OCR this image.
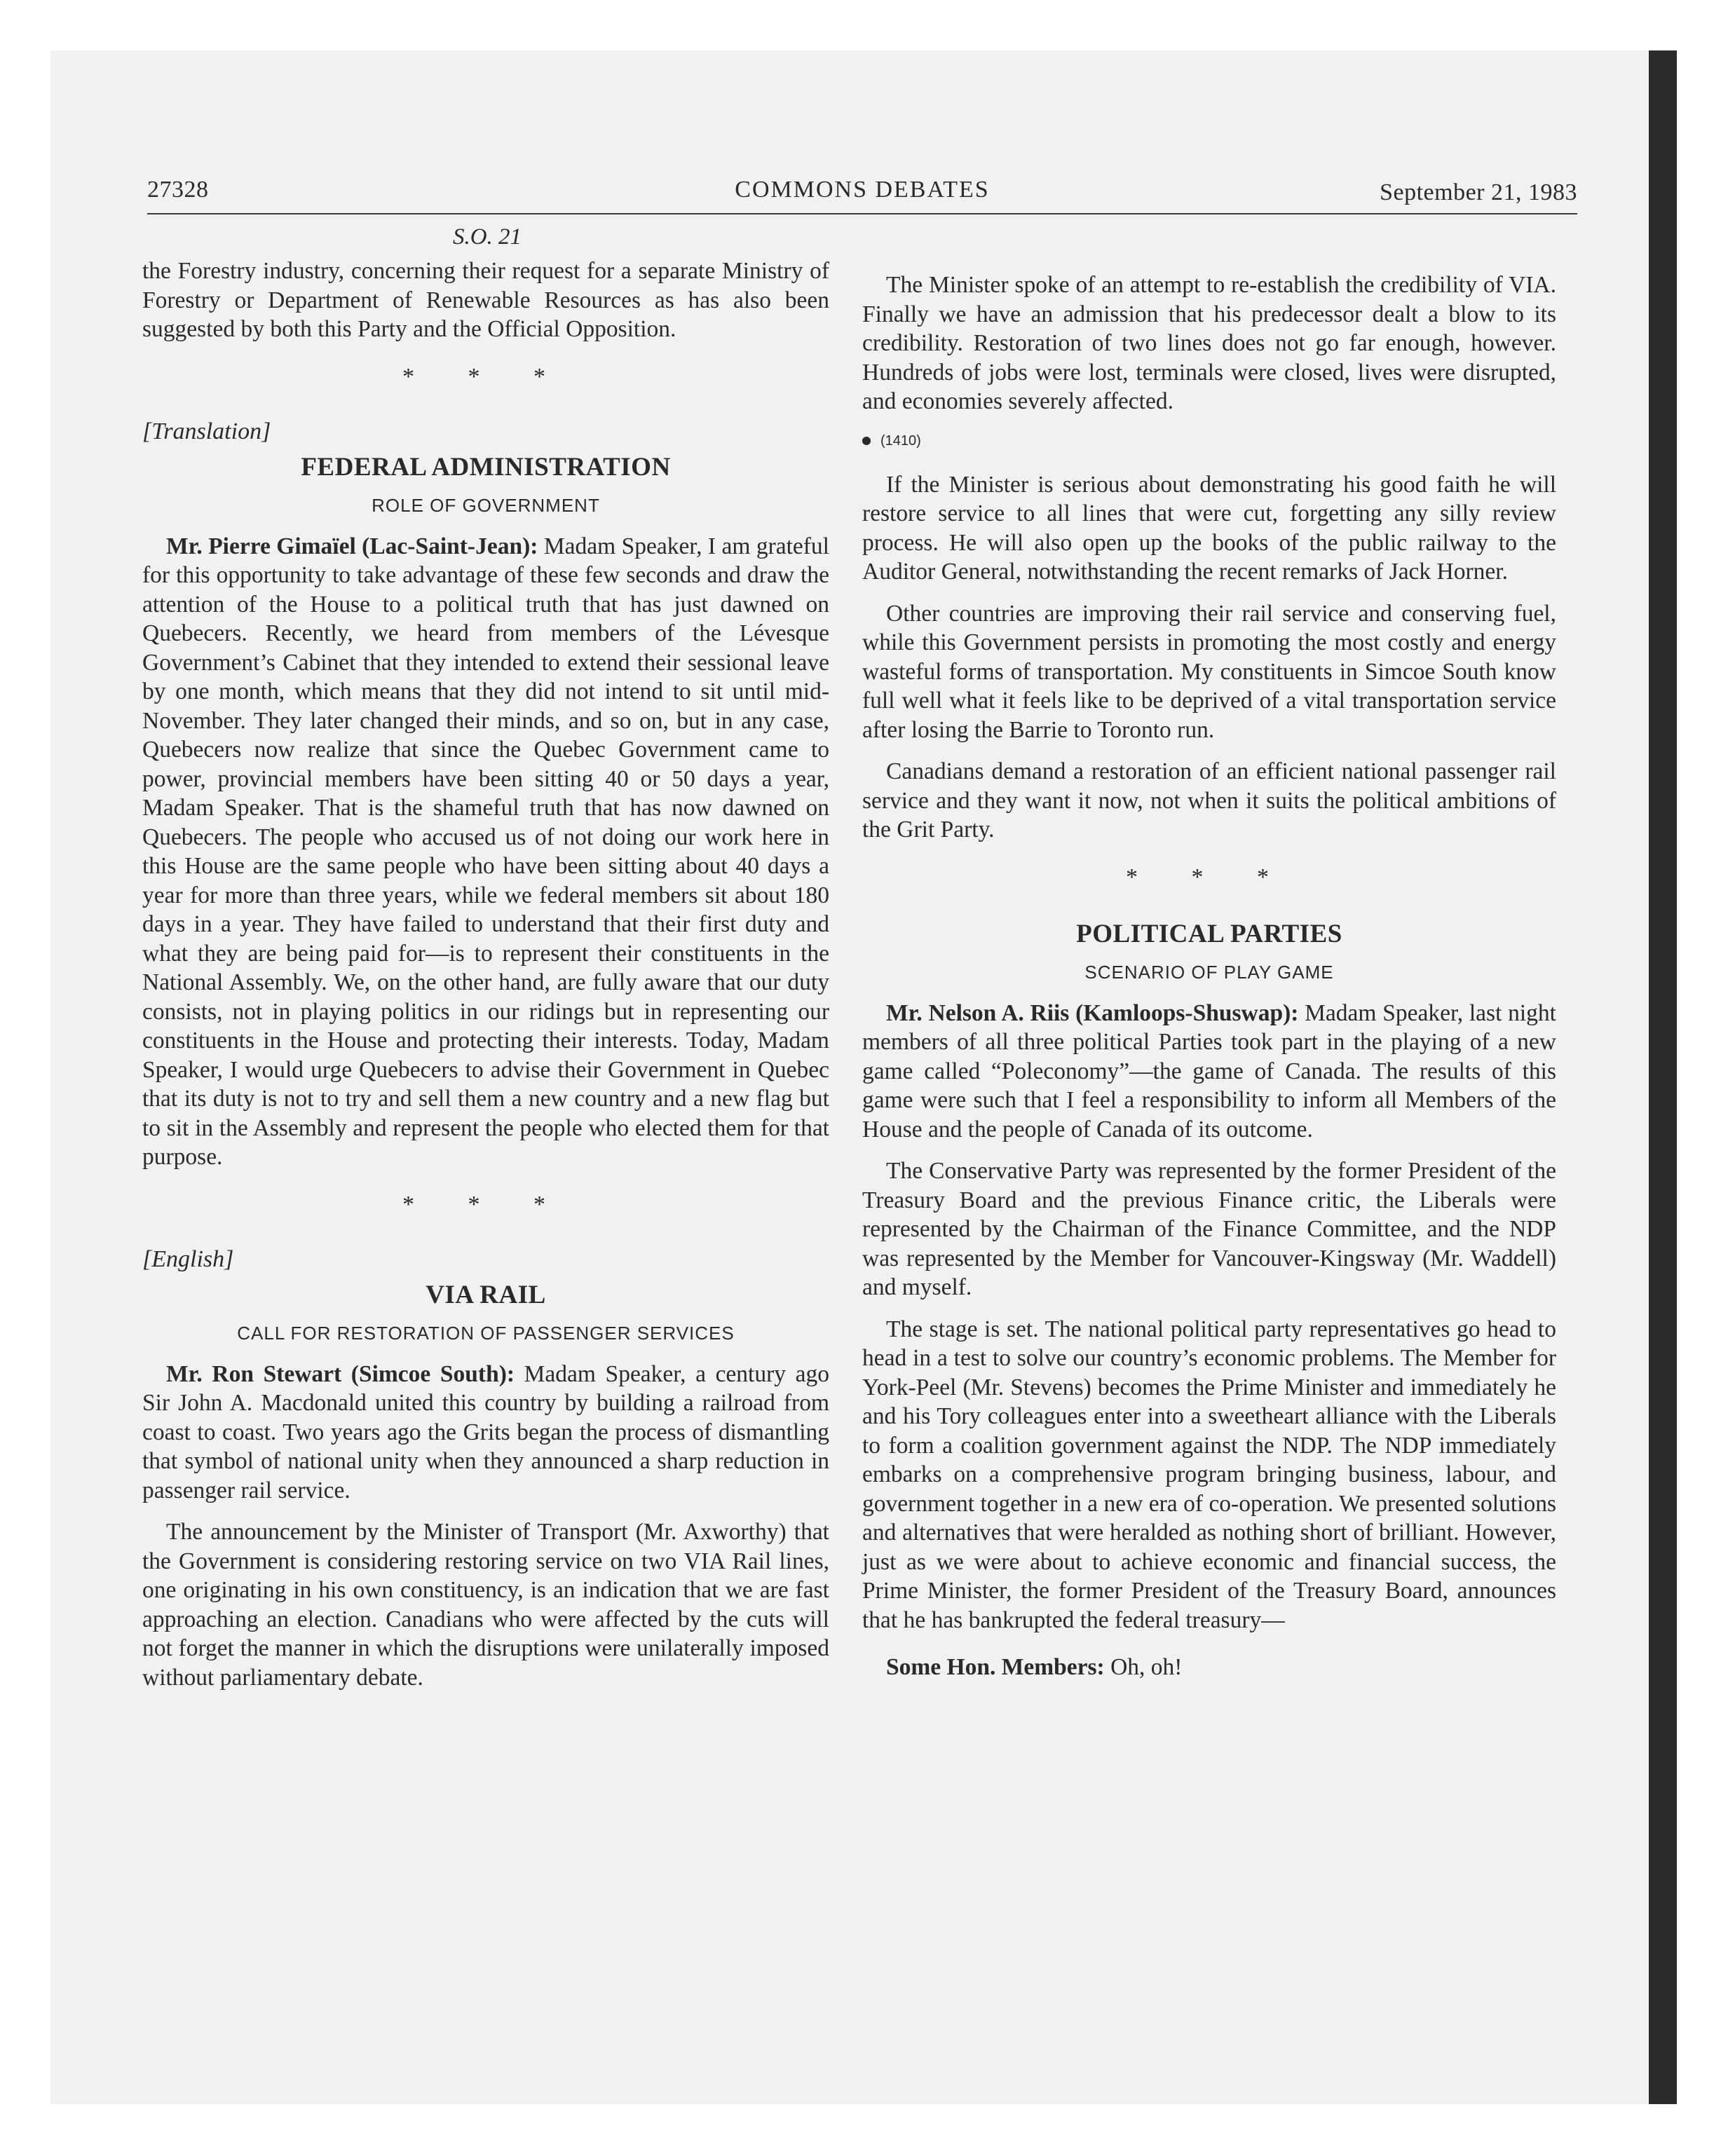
27328	COMMONS DEBATES	September 21, 1983
S.O. 21

the Forestry industry, concerning their request for a separate Ministry of Forestry or Department of Renewable Resources as has also been suggested by both this Party and the Official Opposition.

* * *
[Translation]
FEDERAL ADMINISTRATION
ROLE OF GOVERNMENT

Mr. Pierre Gimaïel (Lac-Saint-Jean): Madam Speaker, I am grateful for this opportunity to take advantage of these few seconds and draw the attention of the House to a political truth that has just dawned on Quebecers. Recently, we heard from members of the Lévesque Government’s Cabinet that they intended to extend their sessional leave by one month, which means that they did not intend to sit until mid-November. They later changed their minds, and so on, but in any case, Quebecers now realize that since the Quebec Government came to power, provincial members have been sitting 40 or 50 days a year, Madam Speaker. That is the shameful truth that has now dawned on Quebecers. The people who accused us of not doing our work here in this House are the same people who have been sitting about 40 days a year for more than three years, while we federal members sit about 180 days in a year. They have failed to understand that their first duty and what they are being paid for—is to represent their constituents in the National Assembly. We, on the other hand, are fully aware that our duty consists, not in playing politics in our ridings but in representing our constituents in the House and protecting their interests. Today, Madam Speaker, I would urge Quebecers to advise their Government in Quebec that its duty is not to try and sell them a new country and a new flag but to sit in the Assembly and represent the people who elected them for that purpose.

* * *
[English]
VIA RAIL
CALL FOR RESTORATION OF PASSENGER SERVICES

Mr. Ron Stewart (Simcoe South): Madam Speaker, a century ago Sir John A. Macdonald united this country by building a railroad from coast to coast. Two years ago the Grits began the process of dismantling that symbol of national unity when they announced a sharp reduction in passenger rail service.

The announcement by the Minister of Transport (Mr. Axworthy) that the Government is considering restoring service on two VIA Rail lines, one originating in his own constituency, is an indication that we are fast approaching an election. Canadians who were affected by the cuts will not forget the manner in which the disruptions were unilaterally imposed without parliamentary debate.

The Minister spoke of an attempt to re-establish the credibility of VIA. Finally we have an admission that his predecessor dealt a blow to its credibility. Restoration of two lines does not go far enough, however. Hundreds of jobs were lost, terminals were closed, lives were disrupted, and economies severely affected.

(1410)

If the Minister is serious about demonstrating his good faith he will restore service to all lines that were cut, forgetting any silly review process. He will also open up the books of the public railway to the Auditor General, notwithstanding the recent remarks of Jack Horner.

Other countries are improving their rail service and conserving fuel, while this Government persists in promoting the most costly and energy wasteful forms of transportation. My constituents in Simcoe South know full well what it feels like to be deprived of a vital transportation service after losing the Barrie to Toronto run.

Canadians demand a restoration of an efficient national passenger rail service and they want it now, not when it suits the political ambitions of the Grit Party.

* * *
POLITICAL PARTIES
SCENARIO OF PLAY GAME

Mr. Nelson A. Riis (Kamloops-Shuswap): Madam Speaker, last night members of all three political Parties took part in the playing of a new game called “Poleconomy”—the game of Canada. The results of this game were such that I feel a responsibility to inform all Members of the House and the people of Canada of its outcome.

The Conservative Party was represented by the former President of the Treasury Board and the previous Finance critic, the Liberals were represented by the Chairman of the Finance Committee, and the NDP was represented by the Member for Vancouver-Kingsway (Mr. Waddell) and myself.

The stage is set. The national political party representatives go head to head in a test to solve our country’s economic problems. The Member for York-Peel (Mr. Stevens) becomes the Prime Minister and immediately he and his Tory colleagues enter into a sweetheart alliance with the Liberals to form a coalition government against the NDP. The NDP immediately embarks on a comprehensive program bringing business, labour, and government together in a new era of co-operation. We presented solutions and alternatives that were heralded as nothing short of brilliant. However, just as we were about to achieve economic and financial success, the Prime Minister, the former President of the Treasury Board, announces that he has bankrupted the federal treasury—

Some Hon. Members: Oh, oh!
